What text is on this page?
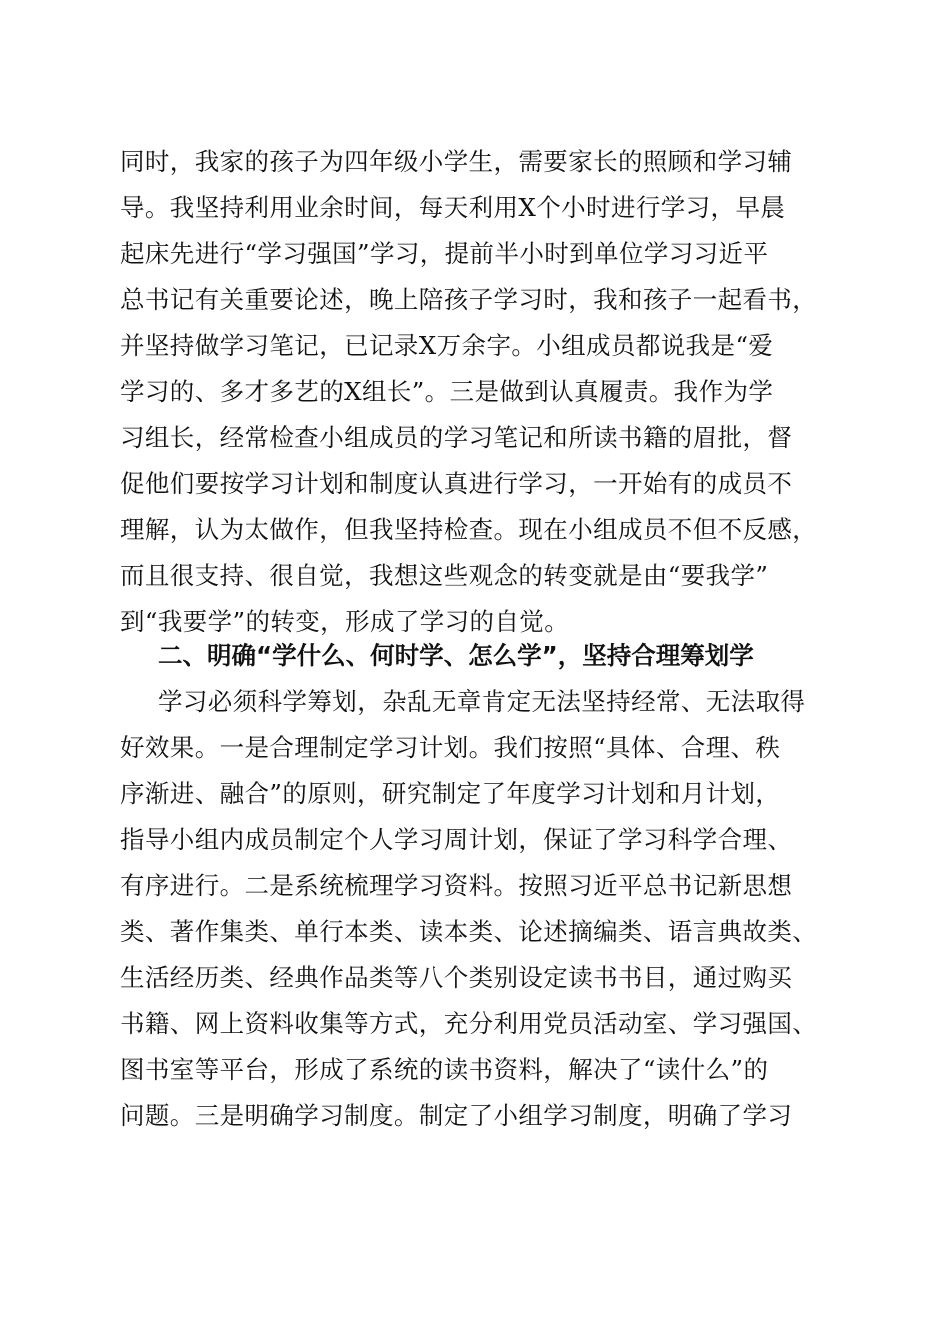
同时，我家的孩子为四年级小学生，需要家长的照顾和学习辅
导。我坚持利用业余时间，每天利用X个小时进行学习，早晨
起床先进行“学习强国”学习，提前半小时到单位学习习近平
总书记有关重要论述，晚上陪孩子学习时，我和孩子一起看书，
并坚持做学习笔记，已记录X万余字。小组成员都说我是“爱
学习的、多才多艺的X组长”。三是做到认真履责。我作为学
习组长，经常检查小组成员的学习笔记和所读书籍的眉批，督
促他们要按学习计划和制度认真进行学习，一开始有的成员不
理解，认为太做作，但我坚持检查。现在小组成员不但不反感，
而且很支持、很自觉，我想这些观念的转变就是由“要我学”
到“我要学”的转变，形成了学习的自觉。
二、明确“学什么、何时学、怎么学”，坚持合理筹划学
学习必须科学筹划，杂乱无章肯定无法坚持经常、无法取得
好效果。一是合理制定学习计划。我们按照“具体、合理、秩
序渐进、融合”的原则，研究制定了年度学习计划和月计划，
指导小组内成员制定个人学习周计划，保证了学习科学合理、
有序进行。二是系统梳理学习资料。按照习近平总书记新思想
类、著作集类、单行本类、读本类、论述摘编类、语言典故类、
生活经历类、经典作品类等八个类别设定读书书目，通过购买
书籍、网上资料收集等方式，充分利用党员活动室、学习强国、
图书室等平台，形成了系统的读书资料，解决了“读什么”的
问题。三是明确学习制度。制定了小组学习制度，明确了学习
